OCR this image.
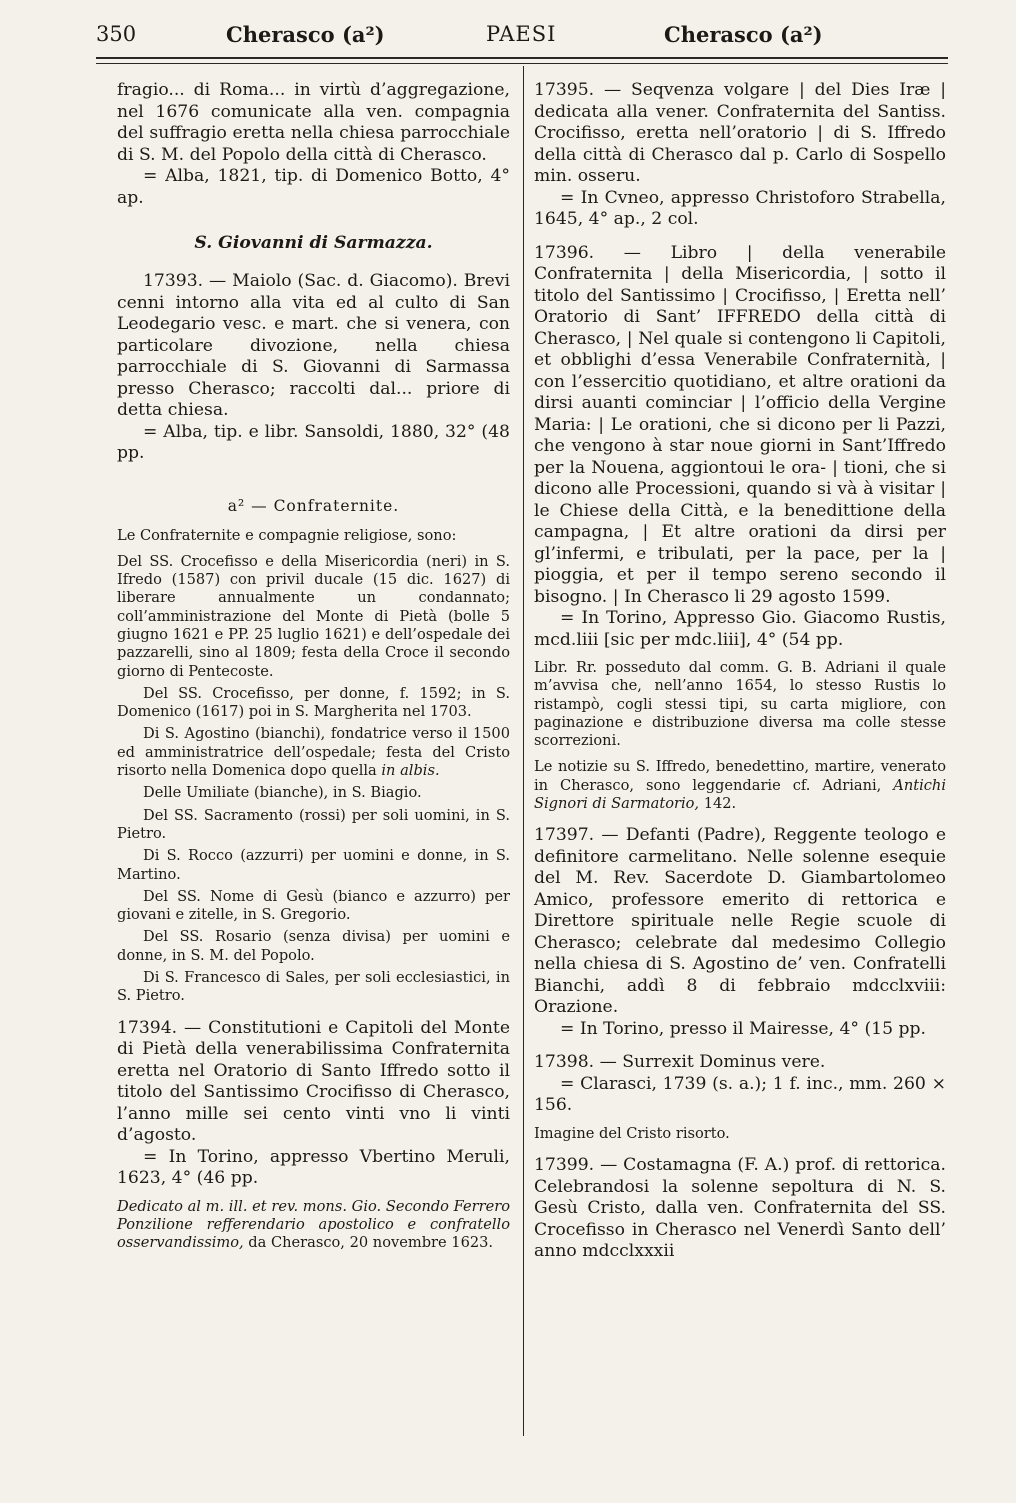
350	Cherasco (a²)	PAESI	Cherasco (a²)

fragio... di Roma... in virtù d’aggregazione, nel 1676 comunicate alla ven. compagnia del suffragio eretta nella chiesa parrocchiale di S. M. del Popolo della città di Cherasco.

= Alba, 1821, tip. di Domenico Botto, 4° ap.

S. Giovanni di Sarmazza.

17393. — Maiolo (Sac. d. Giacomo). Brevi cenni intorno alla vita ed al culto di San Leodegario vesc. e mart. che si venera, con particolare divozione, nella chiesa parrocchiale di S. Giovanni di Sarmassa presso Cherasco; raccolti dal... priore di detta chiesa.

= Alba, tip. e libr. Sansoldi, 1880, 32° (48 pp.

a² — Confraternite.

Le Confraternite e compagnie religiose, sono:

Del SS. Crocefisso e della Misericordia (neri) in S. Ifredo (1587) con privil ducale (15 dic. 1627) di liberare annualmente un condannato; coll’amministrazione del Monte di Pietà (bolle 5 giugno 1621 e PP. 25 luglio 1621) e dell’ospedale dei pazzarelli, sino al 1809; festa della Croce il secondo giorno di Pentecoste.

Del SS. Crocefisso, per donne, f. 1592; in S. Domenico (1617) poi in S. Margherita nel 1703.

Di S. Agostino (bianchi), fondatrice verso il 1500 ed amministratrice dell’ospedale; festa del Cristo risorto nella Domenica dopo quella in albis.

Delle Umiliate (bianche), in S. Biagio.

Del SS. Sacramento (rossi) per soli uomini, in S. Pietro.

Di S. Rocco (azzurri) per uomini e donne, in S. Martino.

Del SS. Nome di Gesù (bianco e azzurro) per giovani e zitelle, in S. Gregorio.

Del SS. Rosario (senza divisa) per uomini e donne, in S. M. del Popolo.

Di S. Francesco di Sales, per soli ecclesiastici, in S. Pietro.

17394. — Constitutioni e Capitoli del Monte di Pietà della venerabilissima Confraternita eretta nel Oratorio di Santo Iffredo sotto il titolo del Santissimo Crocifisso di Cherasco, l’anno mille sei cento vinti vno li vinti d’agosto.

= In Torino, appresso Vbertino Meruli, 1623, 4° (46 pp.

Dedicato al m. ill. et rev. mons. Gio. Secondo Ferrero Ponzilione refferendario apostolico e confratello osservandissimo, da Cherasco, 20 novembre 1623.

17395. — Seqvenza volgare | del Dies Iræ | dedicata alla vener. Confraternita del Santiss. Crocifisso, eretta nell’oratorio | di S. Iffredo della città di Cherasco dal p. Carlo di Sospello min. osseru.

= In Cvneo, appresso Christoforo Strabella, 1645, 4° ap., 2 col.

17396. — Libro | della venerabile Confraternita | della Misericordia, | sotto il titolo del Santissimo | Crocifisso, | Eretta nell’ Oratorio di Sant’ IFFREDO della città di Cherasco, | Nel quale si contengono li Capitoli, et obblighi d’essa Venerabile Confraternità, | con l’essercitio quotidiano, et altre orationi da dirsi auanti cominciar | l’officio della Vergine Maria: | Le orationi, che si dicono per li Pazzi, che vengono à star noue giorni in Sant’Iffredo per la Nouena, aggiontoui le ora- | tioni, che si dicono alle Processioni, quando si và à visitar | le Chiese della Città, e la benedittione della campagna, | Et altre orationi da dirsi per gl’infermi, e tribulati, per la pace, per la | pioggia, et per il tempo sereno secondo il bisogno. | In Cherasco li 29 agosto 1599.

= In Torino, Appresso Gio. Giacomo Rustis, mcd.liii [sic per mdc.liii], 4° (54 pp.

Libr. Rr. posseduto dal comm. G. B. Adriani il quale m’avvisa che, nell’anno 1654, lo stesso Rustis lo ristampò, cogli stessi tipi, su carta migliore, con paginazione e distribuzione diversa ma colle stesse scorrezioni.

Le notizie su S. Iffredo, benedettino, martire, venerato in Cherasco, sono leggendarie cf. Adriani, Antichi Signori di Sarmatorio, 142.

17397. — Defanti (Padre), Reggente teologo e definitore carmelitano. Nelle solenne esequie del M. Rev. Sacerdote D. Giambartolomeo Amico, professore emerito di rettorica e Direttore spirituale nelle Regie scuole di Cherasco; celebrate dal medesimo Collegio nella chiesa di S. Agostino de’ ven. Confratelli Bianchi, addì 8 di febbraio mdcclxviii: Orazione.

= In Torino, presso il Mairesse, 4° (15 pp.

17398. — Surrexit Dominus vere.

= Clarasci, 1739 (s. a.); 1 f. inc., mm. 260 × 156.

Imagine del Cristo risorto.

17399. — Costamagna (F. A.) prof. di rettorica. Celebrandosi la solenne sepoltura di N. S. Gesù Cristo, dalla ven. Confraternita del SS. Crocefisso in Cherasco nel Venerdì Santo dell’ anno mdcclxxxii
